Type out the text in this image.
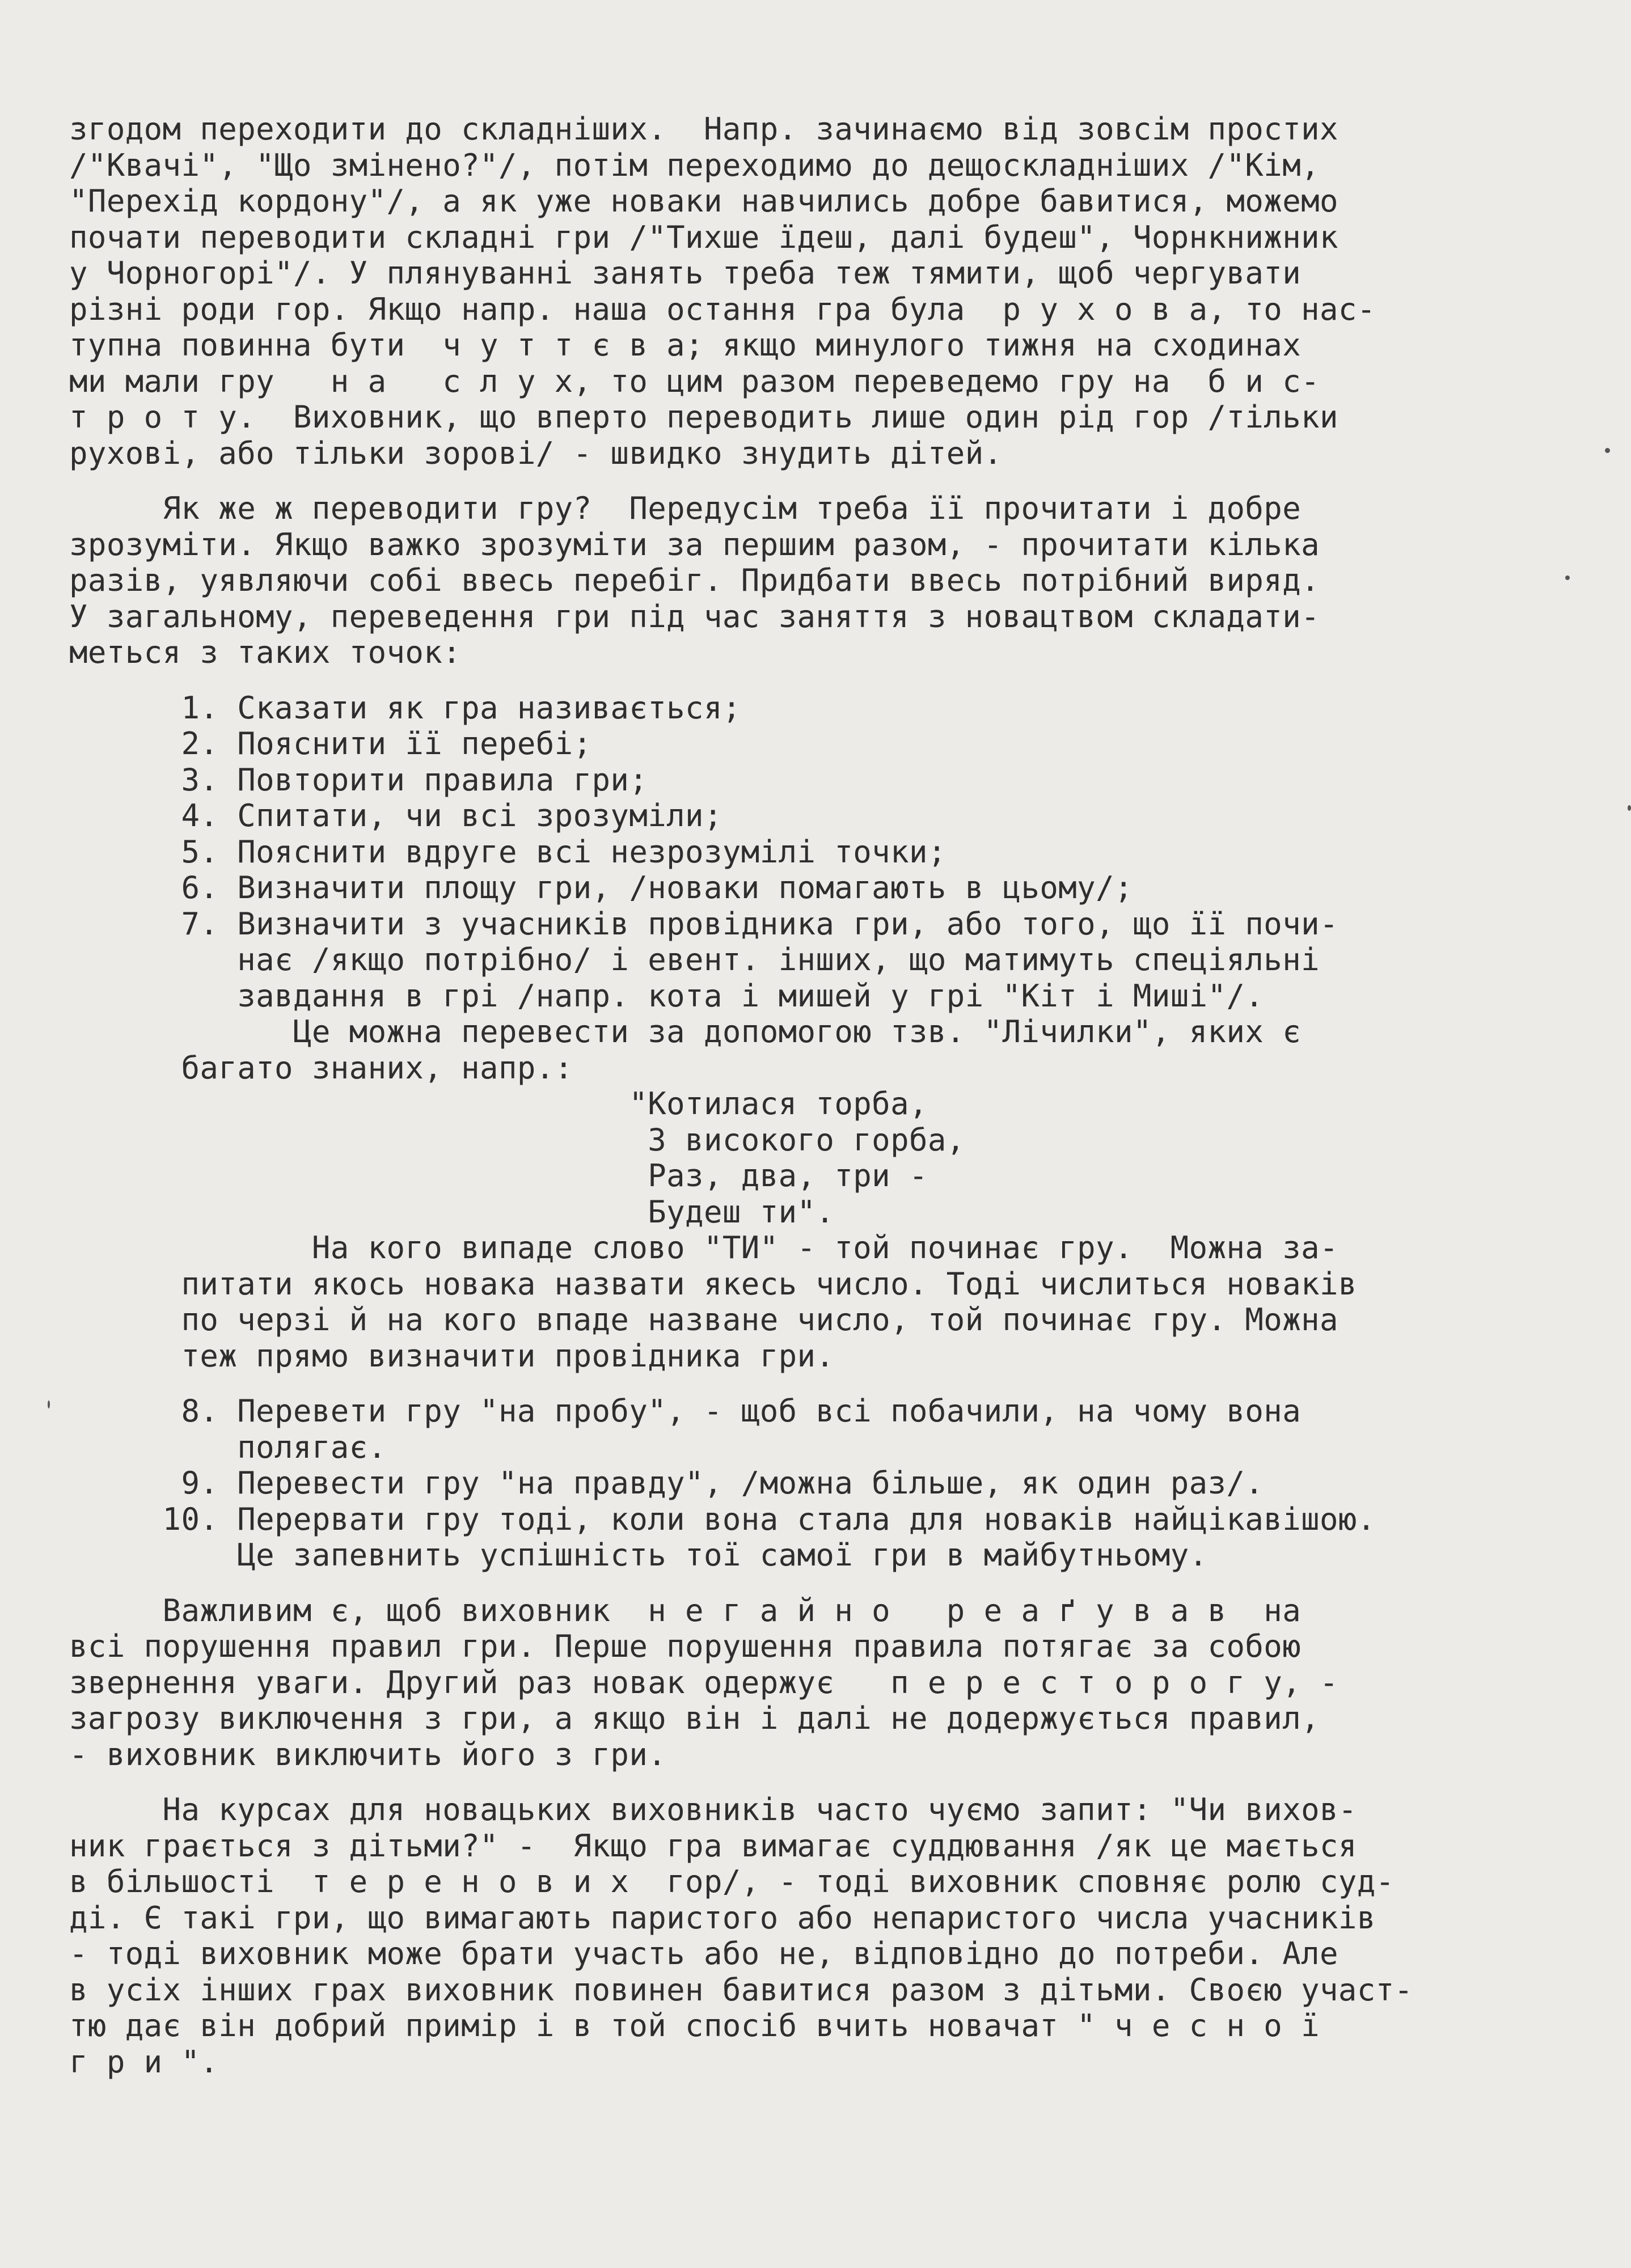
згодом переходити до складніших.  Напр. зачинаємо від зовсім простих
/"Квачі", "Що змінено?"/, потім переходимо до дещоскладніших /"Кім,
"Перехід кордону"/, а як уже новаки навчились добре бавитися, можемо
почати переводити складні гри /"Тихше їдеш, далі будеш", Чорнкнижник
у Чорногорі"/. У плянуванні занять треба теж тямити, щоб чергувати
різні роди гор. Якщо напр. наша остання гра була  р у х о в а, то нас-
тупна повинна бути  ч у т т є в а; якщо минулого тижня на сходинах
ми мали гру   н а   с л у х, то цим разом переведемо гру на  б и с-
т р о т у.  Виховник, що вперто переводить лише один рід гор /тільки
рухові, або тільки зорові/ - швидко знудить дітей.
Як же ж переводити гру?  Передусім треба її прочитати і добре
зрозуміти. Якщо важко зрозуміти за першим разом, - прочитати кілька
разів, уявляючи собі ввесь перебіг. Придбати ввесь потрібний виряд.
У загальному, переведення гри під час заняття з новацтвом складати-
меться з таких точок:
1. Сказати як гра називається;
2. Пояснити її перебі;
3. Повторити правила гри;
4. Спитати, чи всі зрозуміли;
5. Пояснити вдруге всі незрозумілі точки;
6. Визначити площу гри, /новаки помагають в цьому/;
7. Визначити з учасників провідника гри, або того, що її почи-
нає /якщо потрібно/ і евент. інших, що матимуть спеціяльні
завдання в грі /напр. кота і мишей у грі "Кіт і Миші"/.
Це можна перевести за допомогою тзв. "Лічилки", яких є
багато знаних, напр.:
"Котилася торба,
З високого горба,
Раз, два, три -
Будеш ти".
На кого випаде слово "ТИ" - той починає гру.  Можна за-
питати якось новака назвати якесь число. Тоді числиться новаків
по черзі й на кого впаде назване число, той починає гру. Можна
теж прямо визначити провідника гри.
8. Перевети гру "на пробу", - щоб всі побачили, на чому вона
полягає.
9. Перевести гру "на правду", /можна більше, як один раз/.
10. Перервати гру тоді, коли вона стала для новаків найцікавішою.
Це запевнить успішність тої самої гри в майбутньому.
Важливим є, щоб виховник  н е г а й н о   р е а ґ у в а в  на
всі порушення правил гри. Перше порушення правила потягає за собою
звернення уваги. Другий раз новак одержує   п е р е с т о р о г у, -
загрозу виключення з гри, а якщо він і далі не додержується правил,
- виховник виключить його з гри.
На курсах для новацьких виховників часто чуємо запит: "Чи вихов-
ник грається з дітьми?" -  Якщо гра вимагає суддювання /як це мається
в більшості  т е р е н о в и х  гор/, - тоді виховник сповняє ролю суд-
ді. Є такі гри, що вимагають паристого або непаристого числа учасників
- тоді виховник може брати участь або не, відповідно до потреби. Але
в усіх інших грах виховник повинен бавитися разом з дітьми. Своєю участ-
тю дає він добрий примір і в той спосіб вчить новачат " ч е с н о ї
г р и ".
